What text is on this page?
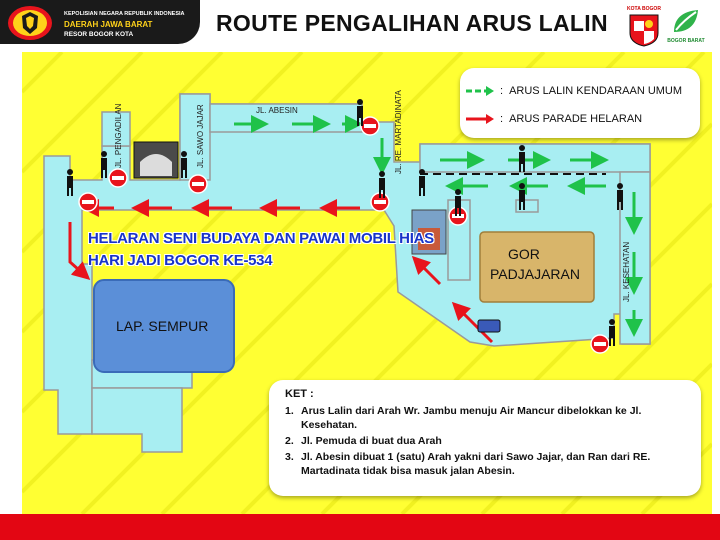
KEPOLISIAN NEGARA REPUBLIK INDONESIA
DAERAH JAWA BARAT
RESOR BOGOR KOTA	ROUTE PENGALIHAN ARUS LALIN
KOTA BOGOR
BOGOR BARAT
JL. ABESIN
JL. PENGADILAN	JL. SAWO JAJAR	JL. RE. MARTADINATA
JL. KESEHATAN
HELARAN SENI BUDAYA DAN PAWAI MOBIL HIAS
HARI JADI BOGOR KE-534	GOR
PADJAJARAN
LAP. SEMPUR
: ARUS LALIN KENDARAAN UMUM
: ARUS PARADE HELARAN
KET :
1. Arus Lalin dari Arah Wr. Jambu menuju Air Mancur dibelokkan ke Jl. Kesehatan.
2. Jl. Pemuda di buat dua Arah
3. Jl. Abesin dibuat 1 (satu) Arah yakni dari Sawo Jajar, dan Ran dari RE. Martadinata tidak bisa masuk jalan Abesin.
